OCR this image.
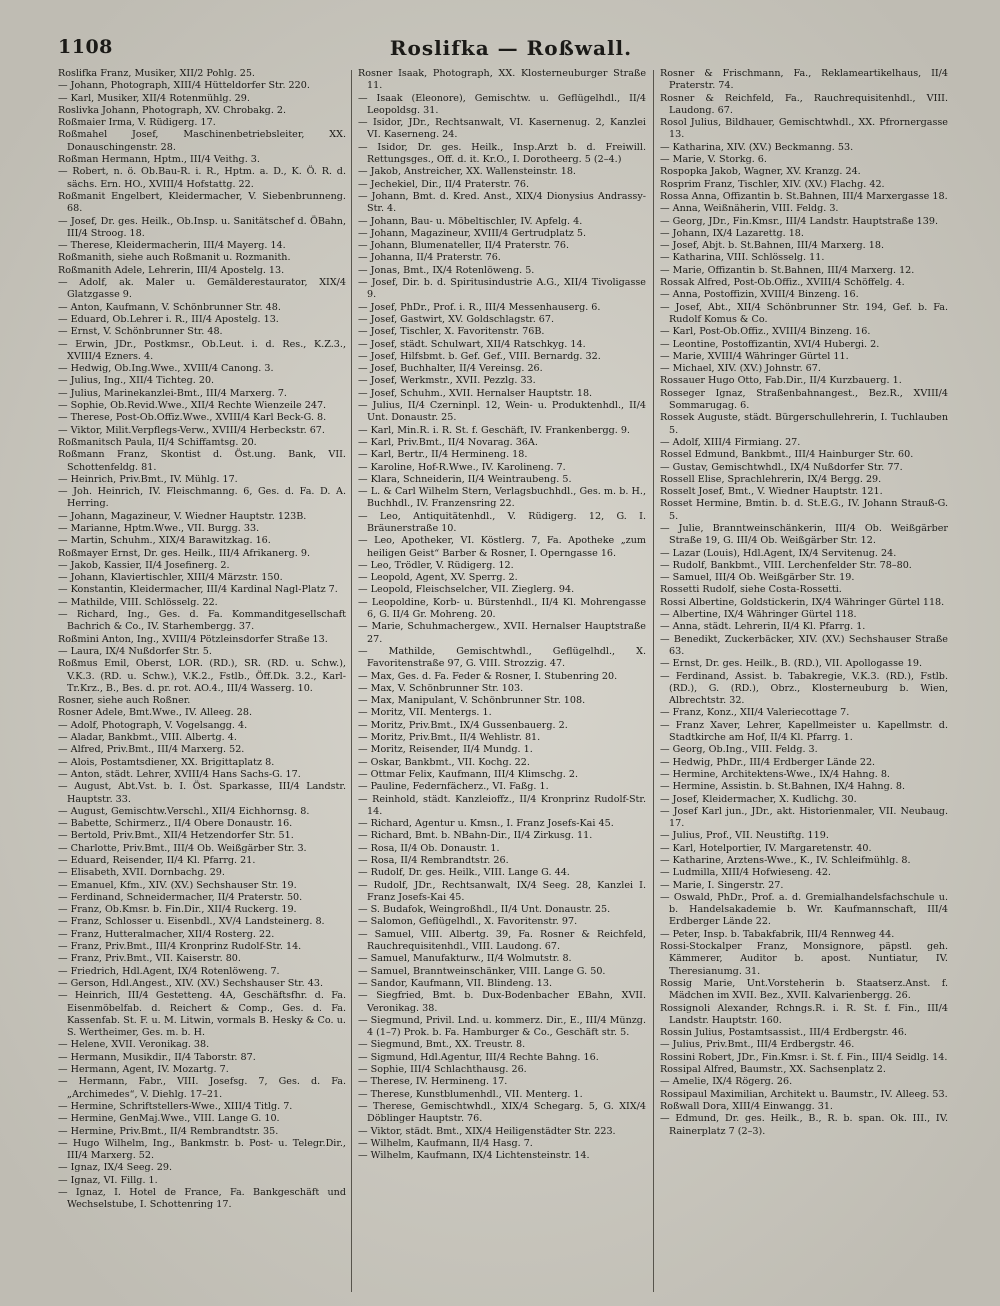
1108	Roslifka — Roßwall.
Roslifka Franz, Musiker, XII/2 Pohlg. 25.
— Johann, Photograph, XIII/4 Hütteldorfer Str. 220.
— Karl, Musiker, XII/4 Rotenmühlg. 29.
Roslivka Johann, Photograph, XV. Chrobakg. 2.
Roßmaier Irma, V. Rüdigerg. 17.
Roßmahel Josef, Maschinenbetriebsleiter, XX. Donauschingenstr. 28.
Roßman Hermann, Hptm., III/4 Veithg. 3.
— Robert, n. ö. Ob.Bau-R. i. R., Hptm. a. D., K. Ö. R. d. sächs. Ern. HO., XVIII/4 Hofstattg. 22.
Roßmanit Engelbert, Kleidermacher, V. Siebenbrunneng. 68.
— Josef, Dr. ges. Heilk., Ob.Insp. u. Sanitätschef d. ÖBahn, III/4 Stroog. 18.
— Therese, Kleidermacherin, III/4 Mayerg. 14.
Roßmanith, siehe auch Roßmanit u. Rozmanith.
Roßmanith Adele, Lehrerin, III/4 Apostelg. 13.
— Adolf, ak. Maler u. Gemälderestaurator, XIX/4 Glatzgasse 9.
— Anton, Kaufmann, V. Schönbrunner Str. 48.
— Eduard, Ob.Lehrer i. R., III/4 Apostelg. 13.
— Ernst, V. Schönbrunner Str. 48.
— Erwin, JDr., Postkmsr., Ob.Leut. i. d. Res., K.Z.3., XVIII/4 Ezners. 4.
— Hedwig, Ob.Ing.Wwe., XVIII/4 Canong. 3.
— Julius, Ing., XII/4 Tichteg. 20.
— Julius, Marinekanzlei-Bmt., III/4 Marxerg. 7.
— Sophie, Ob.Revid.Wwe., XII/4 Rechte Wienzeile 247.
— Therese, Post-Ob.Offiz.Wwe., XVIII/4 Karl Beck-G. 8.
— Viktor, Milit.Verpflegs-Verw., XVIII/4 Herbeckstr. 67.
Roßmanitsch Paula, II/4 Schiffamtsg. 20.
Roßmann Franz, Skontist d. Öst.ung. Bank, VII. Schottenfeldg. 81.
— Heinrich, Priv.Bmt., IV. Mühlg. 17.
— Joh. Heinrich, IV. Fleischmanng. 6, Ges. d. Fa. D. A. Herring.
— Johann, Magazineur, V. Wiedner Hauptstr. 123B.
— Marianne, Hptm.Wwe., VII. Burgg. 33.
— Martin, Schuhm., XIX/4 Barawitzkag. 16.
Roßmayer Ernst, Dr. ges. Heilk., III/4 Afrikanerg. 9.
— Jakob, Kassier, II/4 Josefinerg. 2.
— Johann, Klaviertischler, XIII/4 Märzstr. 150.
— Konstantin, Kleidermacher, III/4 Kardinal Nagl-Platz 7.
— Mathilde, VIII. Schlösselg. 22.
— Richard, Ing., Ges. d. Fa. Kommanditgesellschaft Bachrich & Co., IV. Starhembergg. 37.
Roßmini Anton, Ing., XVIII/4 Pötzleinsdorfer Straße 13.
— Laura, IX/4 Nußdorfer Str. 5.
Roßmus Emil, Oberst, LOR. (RD.), SR. (RD. u. Schw.), V.K.3. (RD. u. Schw.), V.K.2., Fstlb., Öff.Dk. 3.2., Karl-Tr.Krz., B., Bes. d. pr. rot. AO.4., III/4 Wasserg. 10.
Rosner, siehe auch Roßner.
Rosner Adele, Bmt.Wwe., IV. Alleeg. 28.
— Adolf, Photograph, V. Vogelsangg. 4.
— Aladar, Bankbmt., VIII. Albertg. 4.
— Alfred, Priv.Bmt., III/4 Marxerg. 52.
— Alois, Postamtsdiener, XX. Brigittaplatz 8.
— Anton, städt. Lehrer, XVIII/4 Hans Sachs-G. 17.
— August, Abt.Vst. b. I. Öst. Sparkasse, III/4 Landstr. Hauptstr. 33.
— August, Gemischtw.Verschl., XII/4 Eichhornsg. 8.
— Babette, Schirmerz., II/4 Obere Donaustr. 16.
— Bertold, Priv.Bmt., XII/4 Hetzendorfer Str. 51.
— Charlotte, Priv.Bmt., III/4 Ob. Weißgärber Str. 3.
— Eduard, Reisender, II/4 Kl. Pfarrg. 21.
— Elisabeth, XVII. Dornbachg. 29.
— Emanuel, Kfm., XIV. (XV.) Sechshauser Str. 19.
— Ferdinand, Schneidermacher, II/4 Praterstr. 50.
— Franz, Ob.Kmsr. b. Fin.Dir., XII/4 Ruckerg. 19.
— Franz, Schlosser u. Eisenbdl., XV/4 Landsteinerg. 8.
— Franz, Hutteralmacher, XII/4 Rosterg. 22.
— Franz, Priv.Bmt., III/4 Kronprinz Rudolf-Str. 14.
— Franz, Priv.Bmt., VII. Kaiserstr. 80.
— Friedrich, Hdl.Agent, IX/4 Rotenlöweng. 7.
— Gerson, Hdl.Angest., XIV. (XV.) Sechshauser Str. 43.
— Heinrich, III/4 Gestetteng. 4A, Geschäftsfhr. d. Fa. Eisenmöbelfab. d. Reichert & Comp., Ges. d. Fa. Kassenfab. St. F. u. M. Litwin, vormals B. Hesky & Co. u. S. Wertheimer, Ges. m. b. H.
— Helene, XVII. Veronikag. 38.
— Hermann, Musikdir., II/4 Taborstr. 87.
— Hermann, Agent, IV. Mozartg. 7.
— Hermann, Fabr., VIII. Josefsg. 7, Ges. d. Fa. „Archimedes“, V. Diehlg. 17–21.
— Hermine, Schriftstellers-Wwe., XIII/4 Titlg. 7.
— Hermine, GenMaj.Wwe., VIII. Lange G. 10.
— Hermine, Priv.Bmt., II/4 Rembrandtstr. 35.
— Hugo Wilhelm, Ing., Bankmstr. b. Post- u. Telegr.Dir., III/4 Marxerg. 52.
— Ignaz, IX/4 Seeg. 29.
— Ignaz, VI. Fillg. 1.
— Ignaz, I. Hotel de France, Fa. Bankgeschäft und Wechselstube, I. Schottenring 17.
Rosner Isaak, Photograph, XX. Klosterneuburger Straße 11.
— Isaak (Eleonore), Gemischtw. u. Geflügelhdl., II/4 Leopoldsg. 31.
— Isidor, JDr., Rechtsanwalt, VI. Kasernenug. 2, Kanzlei VI. Kaserneng. 24.
— Isidor, Dr. ges. Heilk., Insp.Arzt b. d. Freiwill. Rettungsges., Off. d. it. Kr.O., I. Dorotheerg. 5 (2–4.)
— Jakob, Anstreicher, XX. Wallensteinstr. 18.
— Jechekiel, Dir., II/4 Praterstr. 76.
— Johann, Bmt. d. Kred. Anst., XIX/4 Dionysius Andrassy-Str. 4.
— Johann, Bau- u. Möbeltischler, IV. Apfelg. 4.
— Johann, Magazineur, XVIII/4 Gertrudplatz 5.
— Johann, Blumenateller, II/4 Praterstr. 76.
— Johanna, II/4 Praterstr. 76.
— Jonas, Bmt., IX/4 Rotenlöweng. 5.
— Josef, Dir. b. d. Spiritusindustrie A.G., XII/4 Tivoligasse 9.
— Josef, PhDr., Prof. i. R., III/4 Messenhauserg. 6.
— Josef, Gastwirt, XV. Goldschlagstr. 67.
— Josef, Tischler, X. Favoritenstr. 76B.
— Josef, städt. Schulwart, XII/4 Ratschkyg. 14.
— Josef, Hilfsbmt. b. Gef. Gef., VIII. Bernardg. 32.
— Josef, Buchhalter, II/4 Vereinsg. 26.
— Josef, Werkmstr., XVII. Pezzlg. 33.
— Josef, Schuhm., XVII. Hernalser Hauptstr. 18.
— Julius, II/4 Czerninpl. 12, Wein- u. Produktenhdl., II/4 Unt. Donaustr. 25.
— Karl, Min.R. i. R. St. f. Geschäft, IV. Frankenbergg. 9.
— Karl, Priv.Bmt., II/4 Novarag. 36A.
— Karl, Bertr., II/4 Hermineng. 18.
— Karoline, Hof-R.Wwe., IV. Karolineng. 7.
— Klara, Schneiderin, II/4 Weintraubeng. 5.
— L. & Carl Wilhelm Stern, Verlagsbuchhdl., Ges. m. b. H., Buchhdl., IV. Franzensring 22.
— Leo, Antiquitätenhdl., V. Rüdigerg. 12, G. I. Bräunerstraße 10.
— Leo, Apotheker, VI. Köstlerg. 7, Fa. Apotheke „zum heiligen Geist“ Barber & Rosner, I. Operngasse 16.
— Leo, Trödler, V. Rüdigerg. 12.
— Leopold, Agent, XV. Sperrg. 2.
— Leopold, Fleischselcher, VII. Zieglerg. 94.
— Leopoldine, Korb- u. Bürstenhdl., II/4 Kl. Mohrengasse 6, G. II/4 Gr. Mohreng. 20.
— Marie, Schuhmachergew., XVII. Hernalser Hauptstraße 27.
— Mathilde, Gemischtwhdl., Geflügelhdl., X. Favoritenstraße 97, G. VIII. Strozzig. 47.
— Max, Ges. d. Fa. Feder & Rosner, I. Stubenring 20.
— Max, V. Schönbrunner Str. 103.
— Max, Manipulant, V. Schönbrunner Str. 108.
— Moritz, VII. Mentergs. 1.
— Moritz, Priv.Bmt., IX/4 Gussenbauerg. 2.
— Moritz, Priv.Bmt., II/4 Wehlistr. 81.
— Moritz, Reisender, II/4 Mundg. 1.
— Oskar, Bankbmt., VII. Kochg. 22.
— Ottmar Felix, Kaufmann, III/4 Klimschg. 2.
— Pauline, Federnfächerz., VI. Faßg. 1.
— Reinhold, städt. Kanzleioffz., II/4 Kronprinz Rudolf-Str. 14.
— Richard, Agentur u. Kmsn., I. Franz Josefs-Kai 45.
— Richard, Bmt. b. NBahn-Dir., II/4 Zirkusg. 11.
— Rosa, II/4 Ob. Donaustr. 1.
— Rosa, II/4 Rembrandtstr. 26.
— Rudolf, Dr. ges. Heilk., VIII. Lange G. 44.
— Rudolf, JDr., Rechtsanwalt, IX/4 Seeg. 28, Kanzlei I. Franz Josefs-Kai 45.
— S. Budafok, Weingroßhdl., II/4 Unt. Donaustr. 25.
— Salomon, Geflügelhdl., X. Favoritenstr. 97.
— Samuel, VIII. Albertg. 39, Fa. Rosner & Reichfeld, Rauchrequisitenhdl., VIII. Laudong. 67.
— Samuel, Manufakturw., II/4 Wolmutstr. 8.
— Samuel, Branntweinschänker, VIII. Lange G. 50.
— Sandor, Kaufmann, VII. Blindeng. 13.
— Siegfried, Bmt. b. Dux-Bodenbacher EBahn, XVII. Veronikag. 38.
— Siegmund, Privil. Lnd. u. kommerz. Dir., E., III/4 Münzg. 4 (1–7) Prok. b. Fa. Hamburger & Co., Geschäft str. 5.
— Siegmund, Bmt., XX. Treustr. 8.
— Sigmund, Hdl.Agentur, III/4 Rechte Bahng. 16.
— Sophie, III/4 Schlachthausg. 26.
— Therese, IV. Hermineng. 17.
— Therese, Kunstblumenhdl., VII. Menterg. 1.
— Therese, Gemischtwhdl., XIX/4 Schegarg. 5, G. XIX/4 Döblinger Hauptstr. 76.
— Viktor, städt. Bmt., XIX/4 Heiligenstädter Str. 223.
— Wilhelm, Kaufmann, II/4 Hasg. 7.
— Wilhelm, Kaufmann, IX/4 Lichtensteinstr. 14.
Rosner & Frischmann, Fa., Reklameartikelhaus, II/4 Praterstr. 74.
Rosner & Reichfeld, Fa., Rauchrequisitenhdl., VIII. Laudong. 67.
Rosol Julius, Bildhauer, Gemischtwhdl., XX. Pfrornergasse 13.
— Katharina, XIV. (XV.) Beckmanng. 53.
— Marie, V. Storkg. 6.
Rospopka Jakob, Wagner, XV. Kranzg. 24.
Rosprim Franz, Tischler, XIV. (XV.) Flachg. 42.
Rossa Anna, Offizantin b. St.Bahnen, III/4 Marxergasse 18.
— Anna, Weißnäherin, VIII. Feldg. 3.
— Georg, JDr., Fin.Kmsr., III/4 Landstr. Hauptstraße 139.
— Johann, IX/4 Lazarettg. 18.
— Josef, Abjt. b. St.Bahnen, III/4 Marxerg. 18.
— Katharina, VIII. Schlösselg. 11.
— Marie, Offizantin b. St.Bahnen, III/4 Marxerg. 12.
Rossak Alfred, Post-Ob.Offiz., XVIII/4 Schöffelg. 4.
— Anna, Postoffizin, XVIII/4 Binzeng. 16.
— Josef, Abt., XII/4 Schönbrunner Str. 194, Gef. b. Fa. Rudolf Komus & Co.
— Karl, Post-Ob.Offiz., XVIII/4 Binzeng. 16.
— Leontine, Postoffizantin, XVI/4 Hubergi. 2.
— Marie, XVIII/4 Währinger Gürtel 11.
— Michael, XIV. (XV.) Johnstr. 67.
Rossauer Hugo Otto, Fab.Dir., II/4 Kurzbauerg. 1.
Rosseger Ignaz, Straßenbahnangest., Bez.R., XVIII/4 Sommarugag. 6.
Rossek Auguste, städt. Bürgerschullehrerin, I. Tuchlauben 5.
— Adolf, XIII/4 Firmiang. 27.
Rossel Edmund, Bankbmt., III/4 Hainburger Str. 60.
— Gustav, Gemischtwhdl., IX/4 Nußdorfer Str. 77.
Rossell Elise, Sprachlehrerin, IX/4 Bergg. 29.
Rosselt Josef, Bmt., V. Wiedner Hauptstr. 121.
Rosset Hermine, Bmtin. b. d. St.E.G., IV. Johann Strauß-G. 5.
— Julie, Branntweinschänkerin, III/4 Ob. Weißgärber Straße 19, G. III/4 Ob. Weißgärber Str. 12.
— Lazar (Louis), Hdl.Agent, IX/4 Servitenug. 24.
— Rudolf, Bankbmt., VIII. Lerchenfelder Str. 78–80.
— Samuel, III/4 Ob. Weißgärber Str. 19.
Rossetti Rudolf, siehe Costa-Rossetti.
Rossi Albertine, Goldstickerin, IX/4 Währinger Gürtel 118.
— Albertine, IX/4 Währinger Gürtel 118.
— Anna, städt. Lehrerin, II/4 Kl. Pfarrg. 1.
— Benedikt, Zuckerbäcker, XIV. (XV.) Sechshauser Straße 63.
— Ernst, Dr. ges. Heilk., B. (RD.), VII. Apollogasse 19.
— Ferdinand, Assist. b. Tabakregie, V.K.3. (RD.), Fstlb. (RD.), G. (RD.), Obrz., Klosterneuburg b. Wien, Albrechtstr. 32.
— Franz, Konz., XII/4 Valeriecottage 7.
— Franz Xaver, Lehrer, Kapellmeister u. Kapellmstr. d. Stadtkirche am Hof, II/4 Kl. Pfarrg. 1.
— Georg, Ob.Ing., VIII. Feldg. 3.
— Hedwig, PhDr., III/4 Erdberger Lände 22.
— Hermine, Architektens-Wwe., IX/4 Hahng. 8.
— Hermine, Assistin. b. St.Bahnen, IX/4 Hahng. 8.
— Josef, Kleidermacher, X. Kudlichg. 30.
— Josef Karl jun., JDr., akt. Historienmaler, VII. Neubaug. 17.
— Julius, Prof., VII. Neustiftg. 119.
— Karl, Hotelportier, IV. Margaretenstr. 40.
— Katharine, Arztens-Wwe., K., IV. Schleifmühlg. 8.
— Ludmilla, XIII/4 Hofwieseng. 42.
— Marie, I. Singerstr. 27.
— Oswald, PhDr., Prof. a. d. Gremialhandelsfachschule u. b. Handelsakademie b. Wr. Kaufmannschaft, III/4 Erdberger Lände 22.
— Peter, Insp. b. Tabakfabrik, III/4 Rennweg 44.
Rossi-Stockalper Franz, Monsignore, päpstl. geh. Kämmerer, Auditor b. apost. Nuntiatur, IV. Theresianumg. 31.
Rossig Marie, Unt.Vorsteherin b. Staatserz.Anst. f. Mädchen im XVII. Bez., XVII. Kalvarienbergg. 26.
Rossignoli Alexander, Rchngs.R. i. R. St. f. Fin., III/4 Landstr. Hauptstr. 160.
Rossin Julius, Postamtsassist., III/4 Erdbergstr. 46.
— Julius, Priv.Bmt., III/4 Erdbergstr. 46.
Rossini Robert, JDr., Fin.Kmsr. i. St. f. Fin., III/4 Seidlg. 14.
Rossipal Alfred, Baumstr., XX. Sachsenplatz 2.
— Amelie, IX/4 Rögerg. 26.
Rossipaul Maximilian, Architekt u. Baumstr., IV. Alleeg. 53.
Roßwall Dora, XIII/4 Einwangg. 31.
— Edmund, Dr. ges. Heilk., B., R. b. span. Ok. III., IV. Rainerplatz 7 (2–3).
